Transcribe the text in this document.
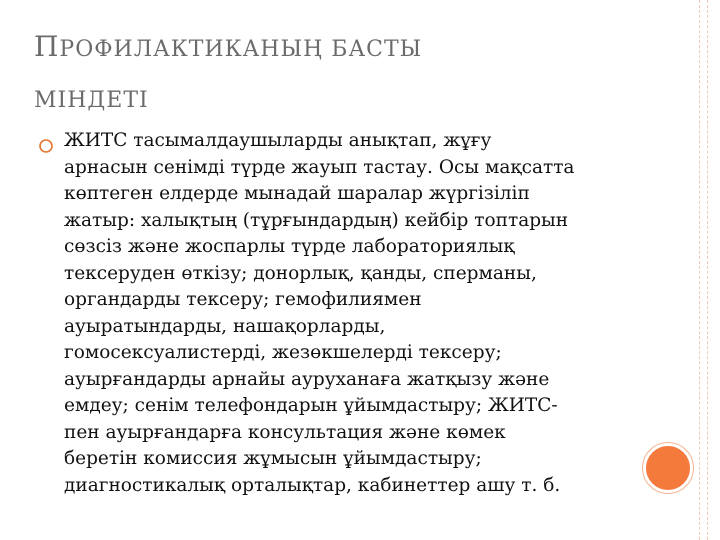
ПРОФИЛАКТИКАНЫҢ БАСТЫ
МІНДЕТІ
ЖИТС тасымалдаушыларды анықтап, жұғу
арнасын сенімді түрде жауып тастау. Осы мақсатта
көптеген елдерде мынадай шаралар жүргізіліп
жатыр: халықтың (тұрғындардың) кейбір топтарын
сөзсіз және жоспарлы түрде лабораториялық
тексеруден өткізу; донорлық, қанды, сперманы,
органдарды тексеру; гемофилиямен
ауыратындарды, нашақорларды,
гомосексуалистерді, жезөкшелерді тексеру;
ауырғандарды арнайы ауруханаға жатқызу және
емдеу; сенім телефондарын ұйымдастыру; ЖИТС-
пен ауырғандарға консультация және көмек
беретін комиссия жұмысын ұйымдастыру;
диагностикалық орталықтар, кабинеттер ашу т. б.
